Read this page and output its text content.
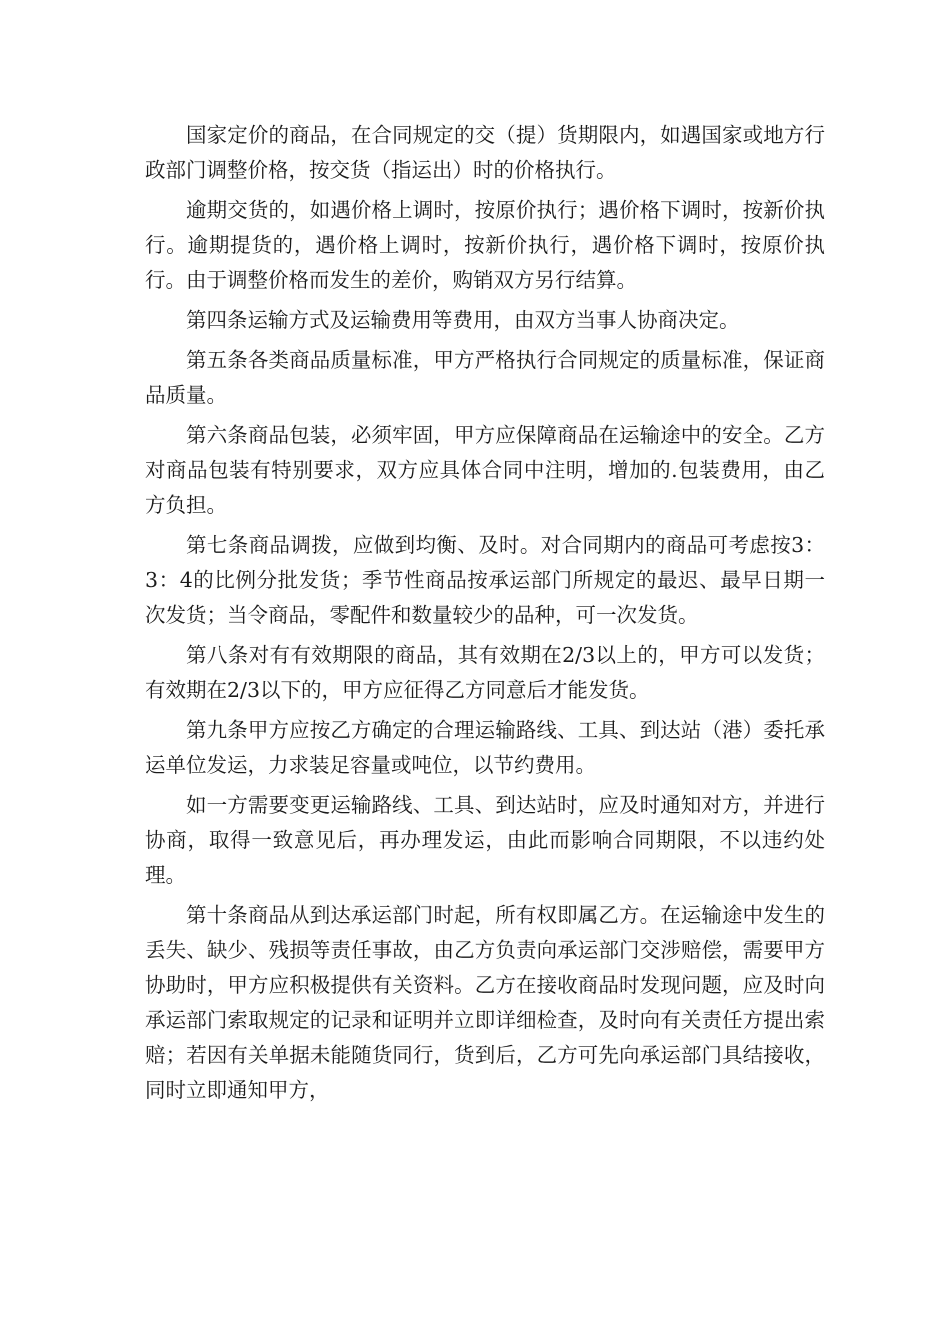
国家定价的商品，在合同规定的交（提）货期限内，如遇国家或地方行政部门调整价格，按交货（指运出）时的价格执行。

逾期交货的，如遇价格上调时，按原价执行；遇价格下调时，按新价执行。逾期提货的，遇价格上调时，按新价执行，遇价格下调时，按原价执行。由于调整价格而发生的差价，购销双方另行结算。

第四条运输方式及运输费用等费用，由双方当事人协商决定。

第五条各类商品质量标准，甲方严格执行合同规定的质量标准，保证商品质量。

第六条商品包装，必须牢固，甲方应保障商品在运输途中的安全。乙方对商品包装有特别要求，双方应具体合同中注明，增加的.包装费用，由乙方负担。

第七条商品调拨，应做到均衡、及时。对合同期内的商品可考虑按3：3：4的比例分批发货；季节性商品按承运部门所规定的最迟、最早日期一次发货；当令商品，零配件和数量较少的品种，可一次发货。

第八条对有有效期限的商品，其有效期在2/3以上的，甲方可以发货；有效期在2/3以下的，甲方应征得乙方同意后才能发货。

第九条甲方应按乙方确定的合理运输路线、工具、到达站（港）委托承运单位发运，力求装足容量或吨位，以节约费用。

如一方需要变更运输路线、工具、到达站时，应及时通知对方，并进行协商，取得一致意见后，再办理发运，由此而影响合同期限，不以违约处理。

第十条商品从到达承运部门时起，所有权即属乙方。在运输途中发生的丢失、缺少、残损等责任事故，由乙方负责向承运部门交涉赔偿，需要甲方协助时，甲方应积极提供有关资料。乙方在接收商品时发现问题，应及时向承运部门索取规定的记录和证明并立即详细检查，及时向有关责任方提出索赔；若因有关单据未能随货同行，货到后，乙方可先向承运部门具结接收，同时立即通知甲方，
